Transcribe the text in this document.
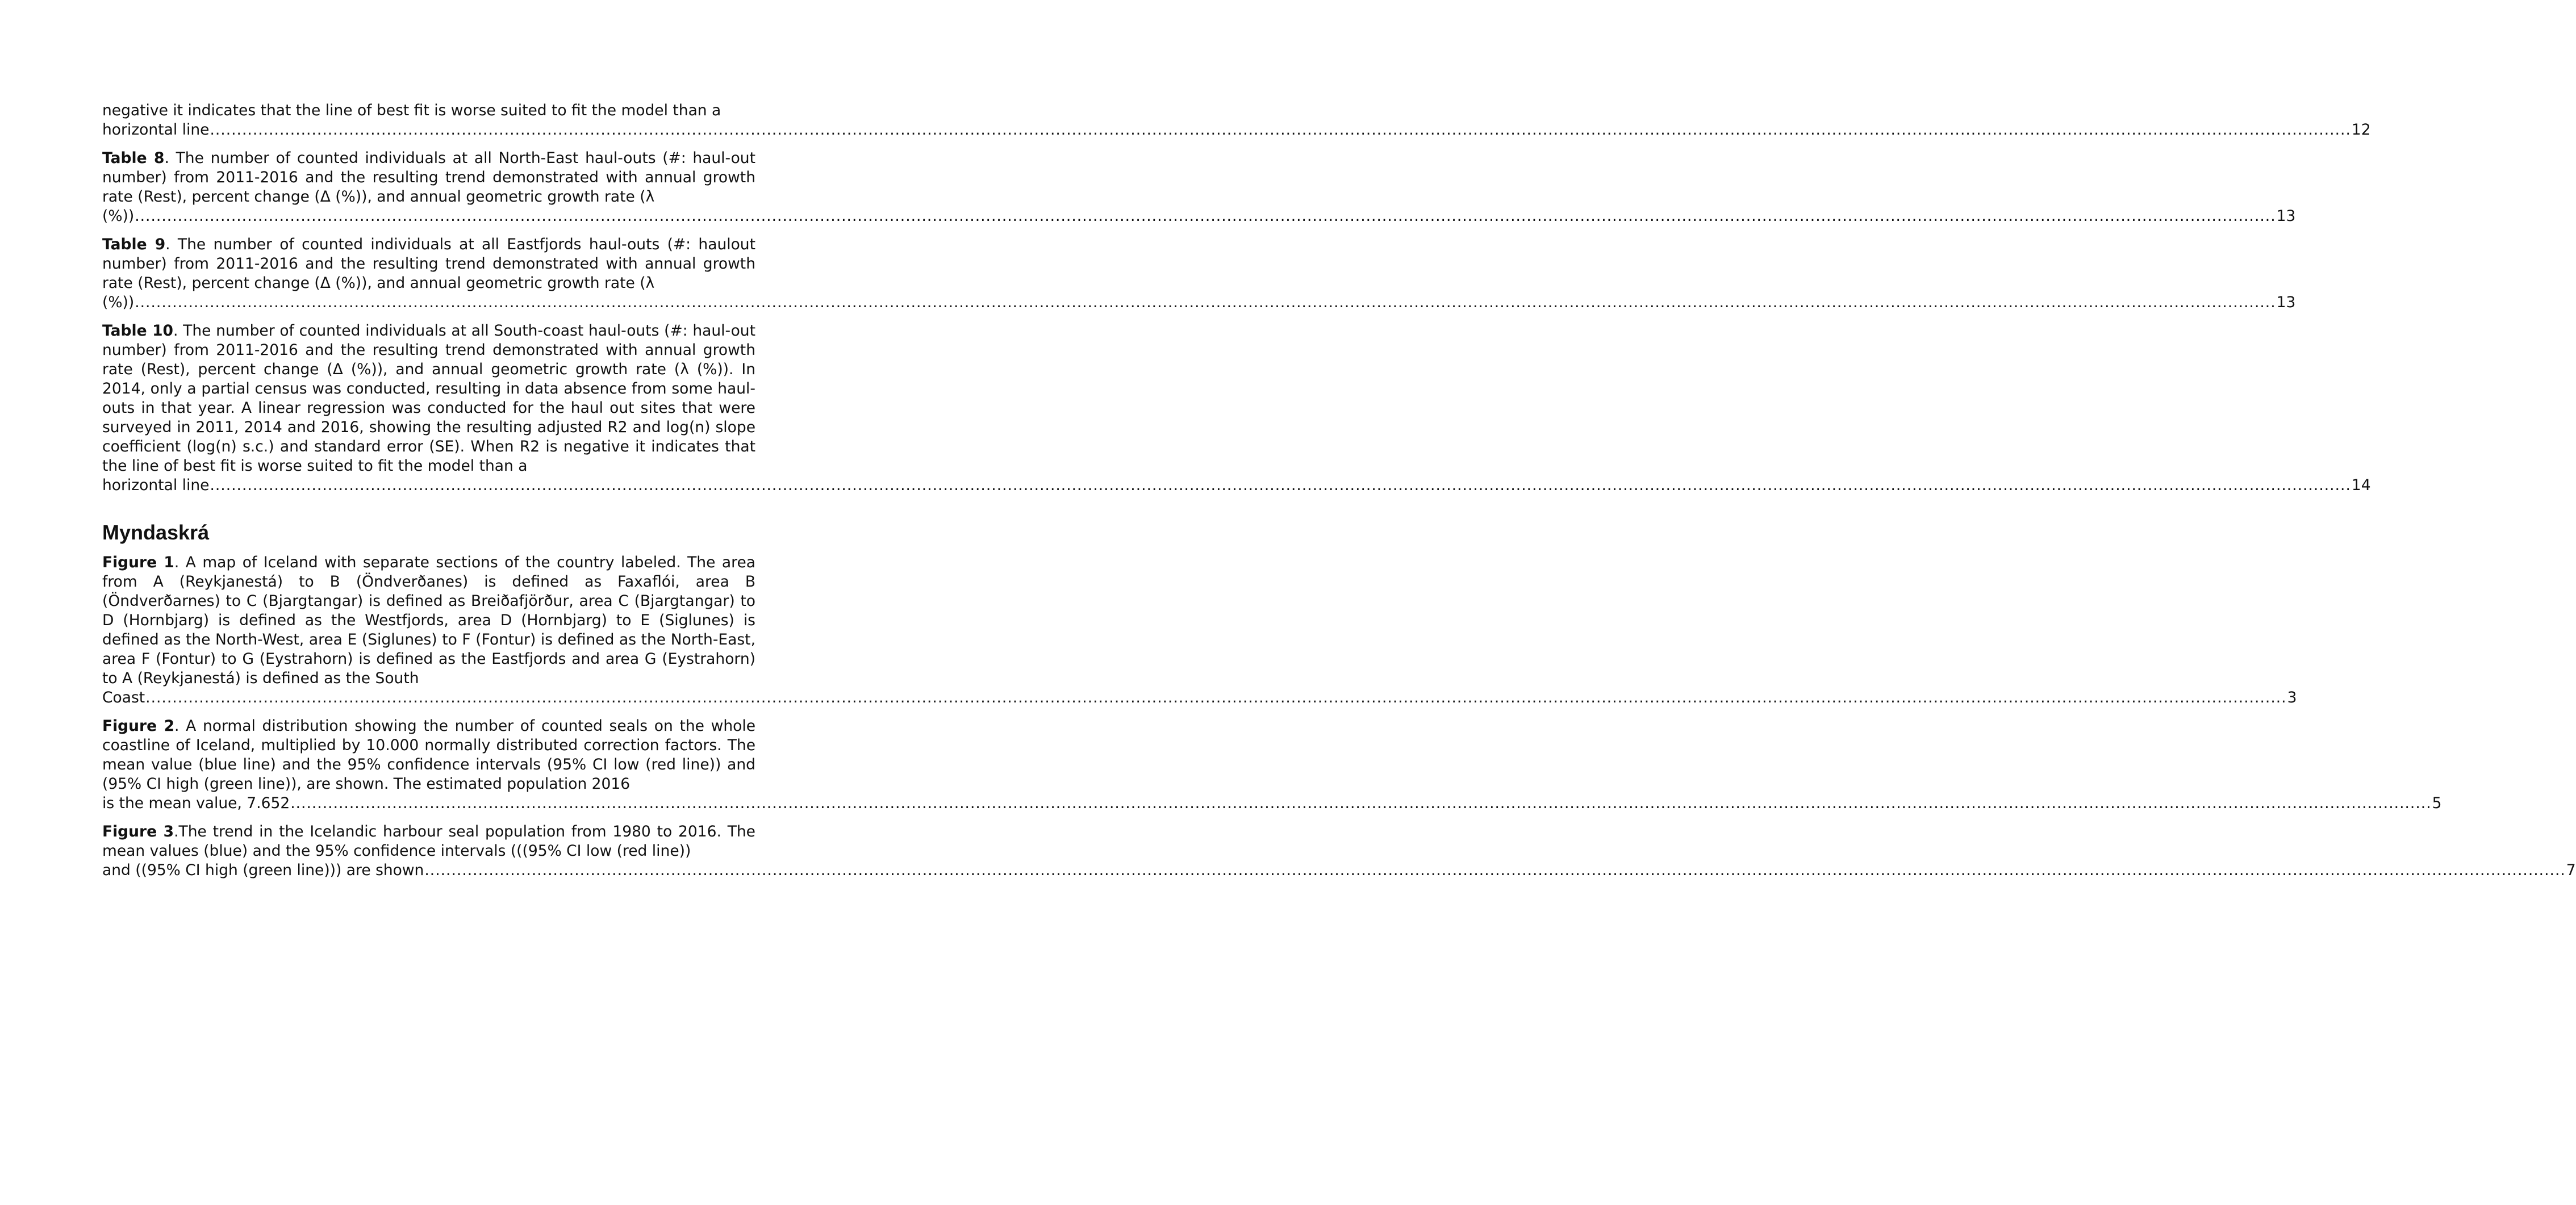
negative it indicates that the line of best fit is worse suited to fit the model than a
horizontal line ................................................................................................................................................................................................................................................................................................................................................................................................................ 12
Table 8. The number of counted individuals at all North-East haul-outs (#: haul-out number) from 2011-2016 and the resulting trend demonstrated with annual growth rate (Rest), percent change (Δ (%)), and annual geometric growth rate (λ
(%)) ................................................................................................................................................................................................................................................................................................................................................................................................................ 13
Table 9. The number of counted individuals at all Eastfjords haul-outs (#: haulout number) from 2011-2016 and the resulting trend demonstrated with annual growth rate (Rest), percent change (Δ (%)), and annual geometric growth rate (λ
(%)) ................................................................................................................................................................................................................................................................................................................................................................................................................ 13
Table 10. The number of counted individuals at all South-coast haul-outs (#: haul-out number) from 2011-2016 and the resulting trend demonstrated with annual growth rate (Rest), percent change (Δ (%)), and annual geometric growth rate (λ (%)). In 2014, only a partial census was conducted, resulting in data absence from some haul-outs in that year. A linear regression was conducted for the haul out sites that were surveyed in 2011, 2014 and 2016, showing the resulting adjusted R2 and log(n) slope coefficient (log(n) s.c.) and standard error (SE). When R2 is negative it indicates that the line of best fit is worse suited to fit the model than a
horizontal line ................................................................................................................................................................................................................................................................................................................................................................................................................ 14
Myndaskrá
Figure 1. A map of Iceland with separate sections of the country labeled. The area from A (Reykjanestá) to B (Öndverðanes) is defined as Faxaflói, area B (Öndverðarnes) to C (Bjargtangar) is defined as Breiðafjörður, area C (Bjargtangar) to D (Hornbjarg) is defined as the Westfjords, area D (Hornbjarg) to E (Siglunes) is defined as the North-West, area E (Siglunes) to F (Fontur) is defined as the North-East, area F (Fontur) to G (Eystrahorn) is defined as the Eastfjords and area G (Eystrahorn) to A (Reykjanestá) is defined as the South
Coast ................................................................................................................................................................................................................................................................................................................................................................................................................ 3
Figure 2. A normal distribution showing the number of counted seals on the whole coastline of Iceland, multiplied by 10.000 normally distributed correction factors. The mean value (blue line) and the 95% confidence intervals (95% CI low (red line)) and (95% CI high (green line)), are shown. The estimated population 2016
is the mean value, 7.652 ................................................................................................................................................................................................................................................................................................................................................................................................................ 5
Figure 3.The trend in the Icelandic harbour seal population from 1980 to 2016. The mean values (blue) and the 95% confidence intervals (((95% CI low (red line))
and ((95% CI high (green line))) are shown ................................................................................................................................................................................................................................................................................................................................................................................................................ 7
